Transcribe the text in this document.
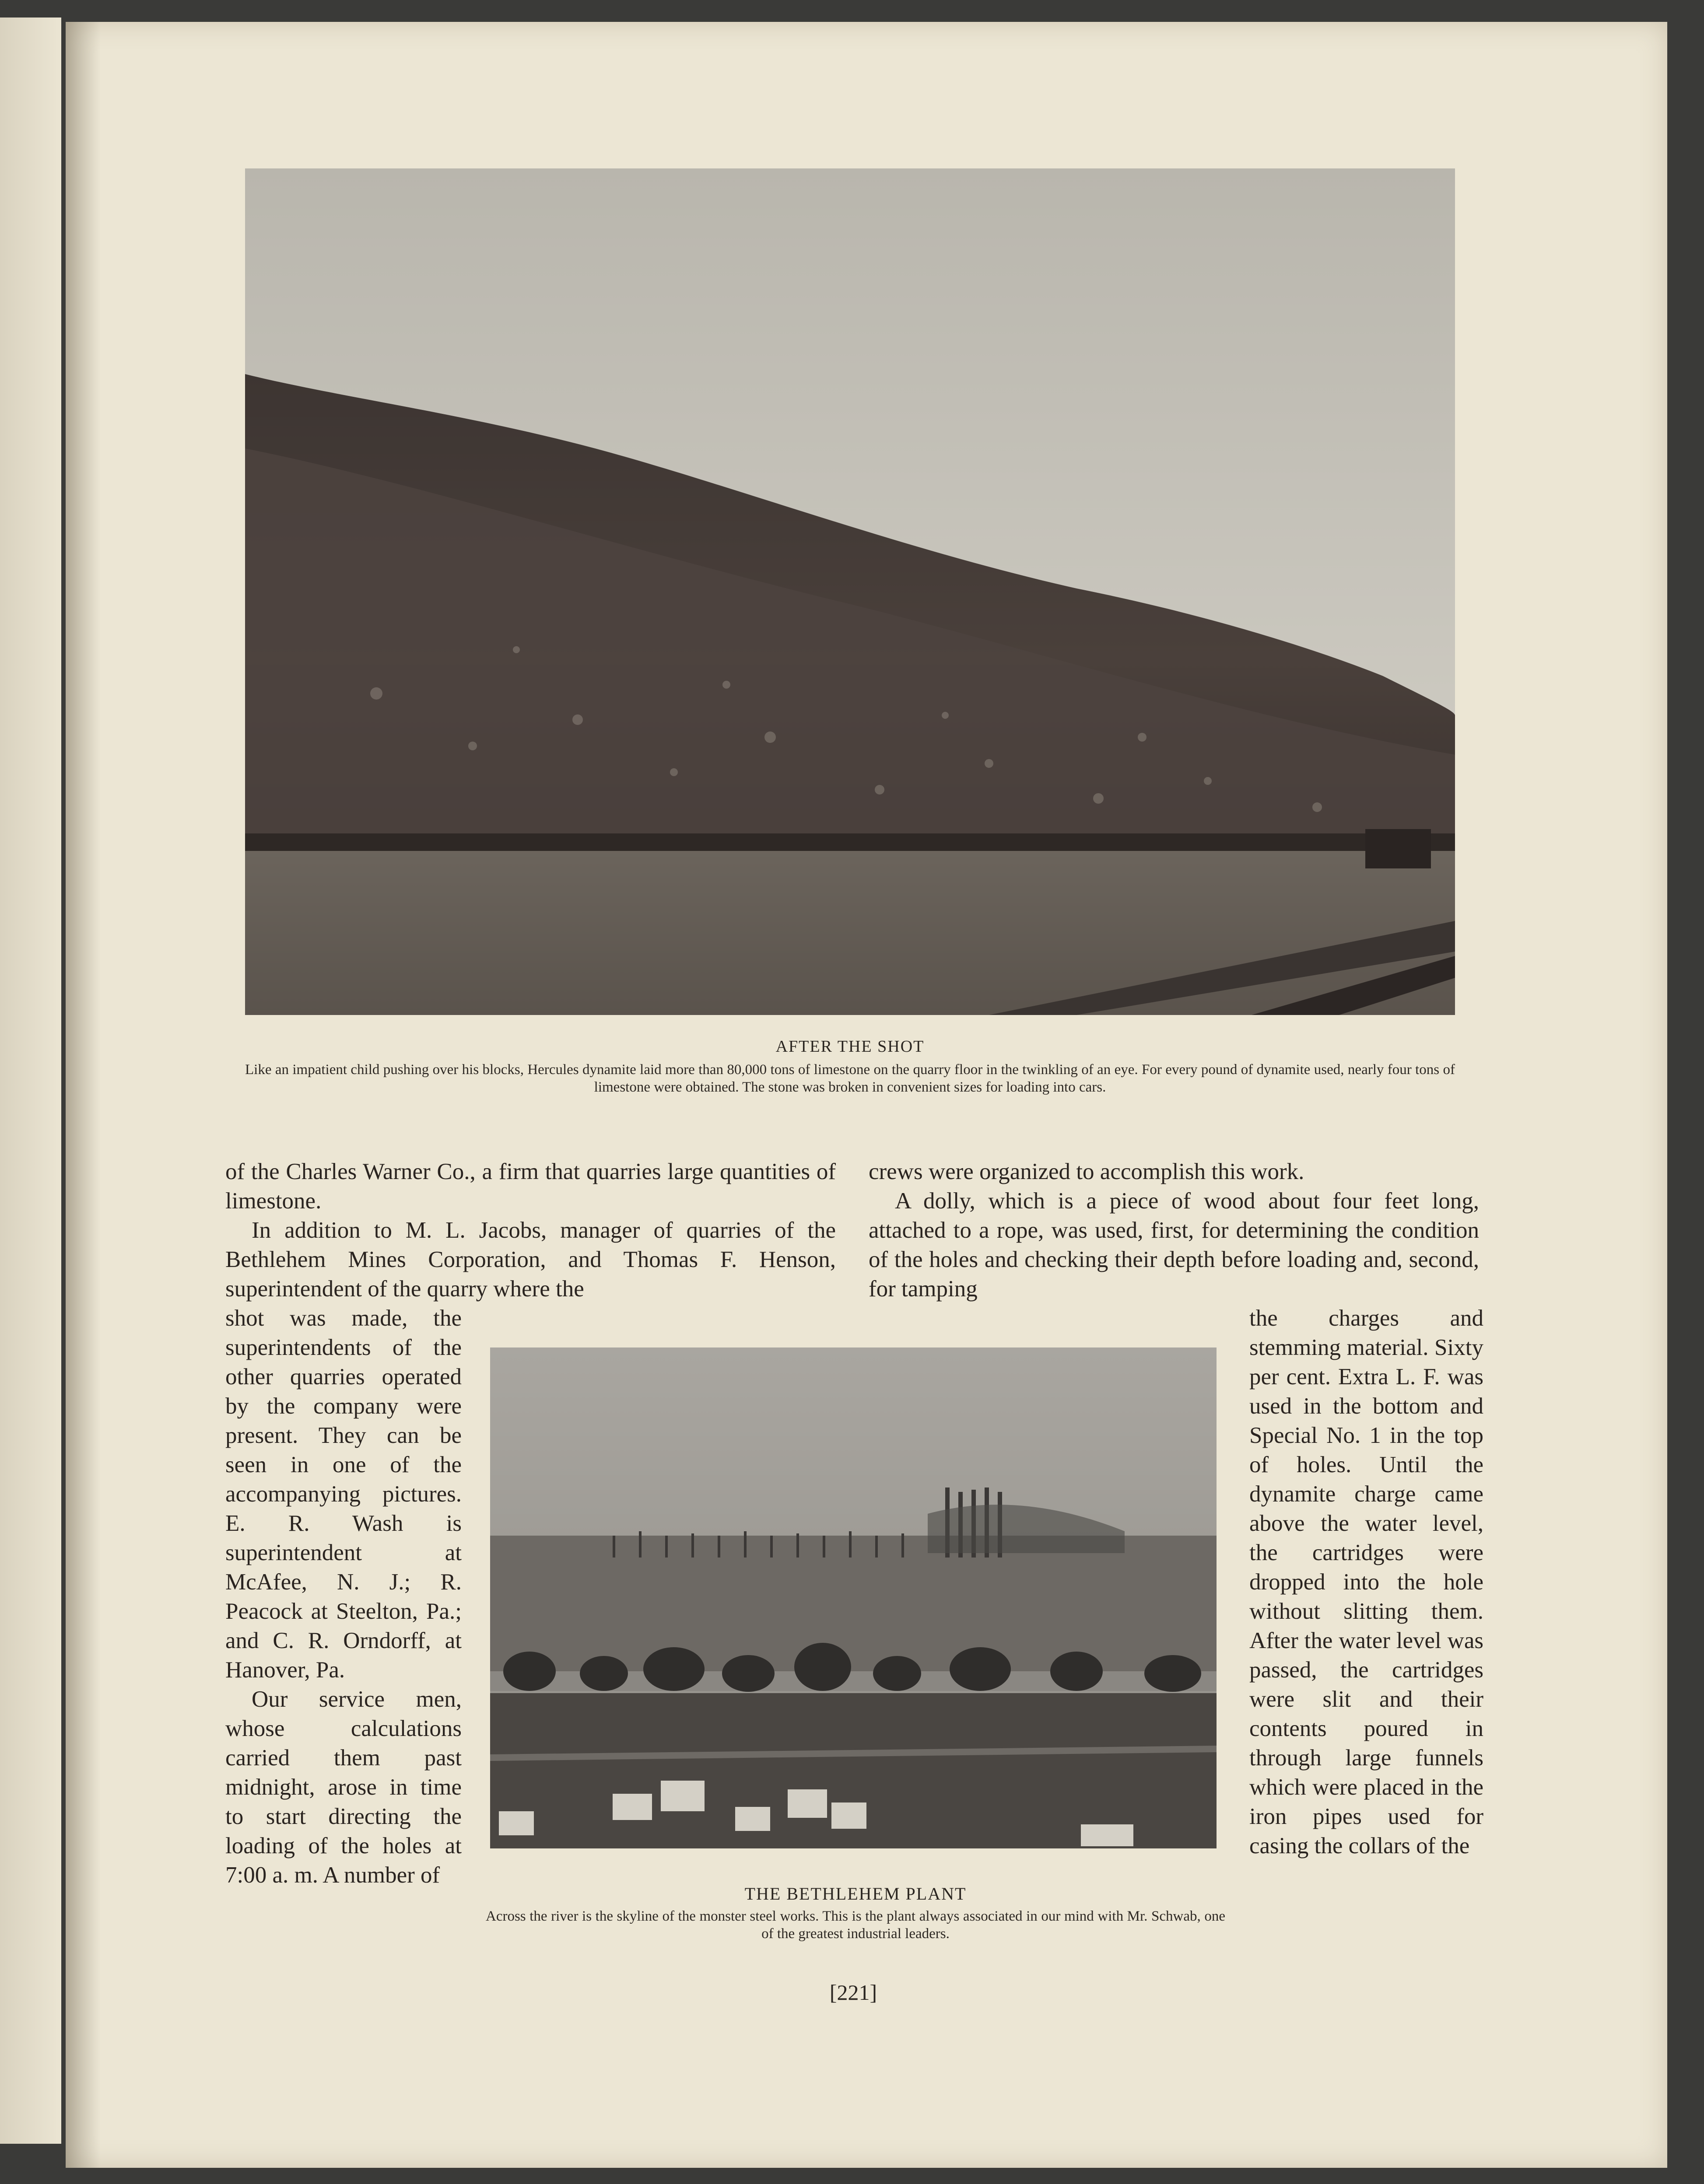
AFTER THE SHOT
Like an impatient child pushing over his blocks, Hercules dynamite laid more than 80,000 tons of limestone on the quarry floor in the twinkling of an eye. For every pound of dynamite used, nearly four tons of limestone were obtained. The stone was broken in convenient sizes for loading into cars.

of the Charles Warner Co., a firm that quarries large quantities of limestone.

In addition to M. L. Jacobs, manager of quarries of the Bethlehem Mines Corporation, and Thomas F. Henson, superintendent of the quarry where the

shot was made, the superintendents of the other quarries operated by the company were present. They can be seen in one of the accompanying pictures. E. R. Wash is superintendent at McAfee, N. J.; R. Peacock at Steelton, Pa.; and C. R. Orndorff, at Hanover, Pa.

Our service men, whose calculations carried them past midnight, arose in time to start directing the loading of the holes at 7:00 a. m. A number of

crews were organized to accomplish this work.

A dolly, which is a piece of wood about four feet long, attached to a rope, was used, first, for determining the condition of the holes and checking their depth before loading and, second, for tamping

the charges and stemming material. Sixty per cent. Extra L. F. was used in the bottom and Special No. 1 in the top of holes. Until the dynamite charge came above the water level, the cartridges were dropped into the hole without slitting them. After the water level was passed, the cartridges were slit and their contents poured in through large funnels which were placed in the iron pipes used for casing the collars of the

THE BETHLEHEM PLANT
Across the river is the skyline of the monster steel works. This is the plant always associated in our mind with Mr. Schwab, one of the greatest industrial leaders.
[221]
